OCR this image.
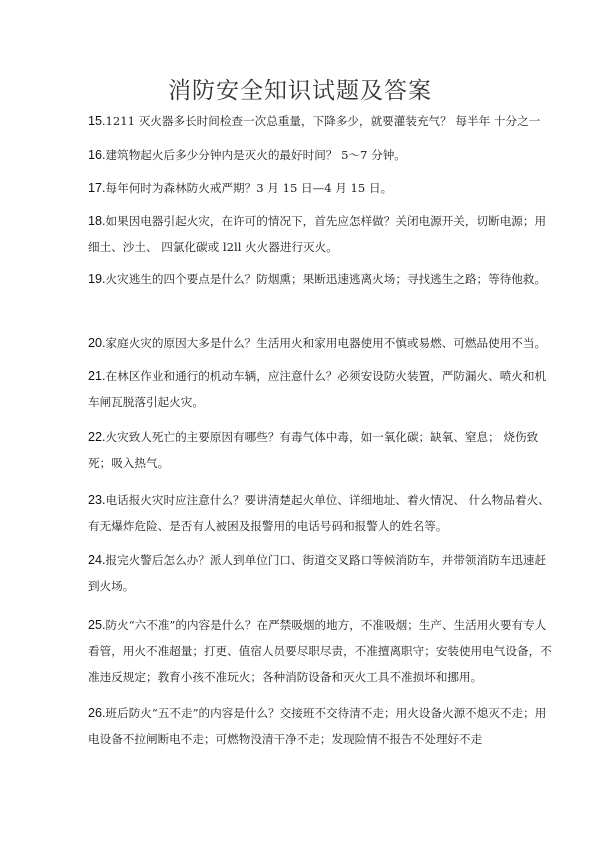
消防安全知识试题及答案
15.1211 灭火器多长时间检查一次总重量，下降多少，就要灌装充气？ 每半年 十分之一
16.建筑物起火后多少分钟内是灭火的最好时间？ 5～7 分钟。
17.每年何时为森林防火戒严期？3 月 15 日—4 月 15 日。
18.如果因电器引起火灾，在许可的情况下，首先应怎样做？关闭电源开关，切断电源；用
细土、沙土、 四氯化碳或 l2ll 火火器进行灭火。
19.火灾逃生的四个要点是什么？防烟熏；果断迅速逃离火场；寻找逃生之路；等待他救。
20.家庭火灾的原因大多是什么？生活用火和家用电器使用不慎或易燃、可燃品使用不当。
21.在林区作业和通行的机动车辆，应注意什么？必须安设防火装置，严防漏火、喷火和机
车闸瓦脱落引起火灾。
22.火灾致人死亡的主要原因有哪些？有毒气体中毒，如一氧化碳；缺氧、窒息； 烧伤致
死；吸入热气。
23.电话报火灾时应注意什么？要讲清楚起火单位、详细地址、着火情况、 什么物品着火、
有无爆炸危险、是否有人被困及报警用的电话号码和报警人的姓名等。
24.报完火警后怎么办？派人到单位门口、街道交叉路口等候消防车，并带领消防车迅速赶
到火场。
25.防火“六不准”的内容是什么？在严禁吸烟的地方，不准吸烟；生产、生活用火要有专人
看管，用火不准超量；打更、值宿人员要尽职尽责，不准擅离职守；安装使用电气设备，不
准违反规定；教育小孩不准玩火；各种消防设备和灭火工具不准损坏和挪用。
26.班后防火“五不走”的内容是什么？交接班不交待清不走；用火设备火源不熄灭不走；用
电设备不拉闸断电不走；可燃物没清干净不走；发现险情不报告不处理好不走
